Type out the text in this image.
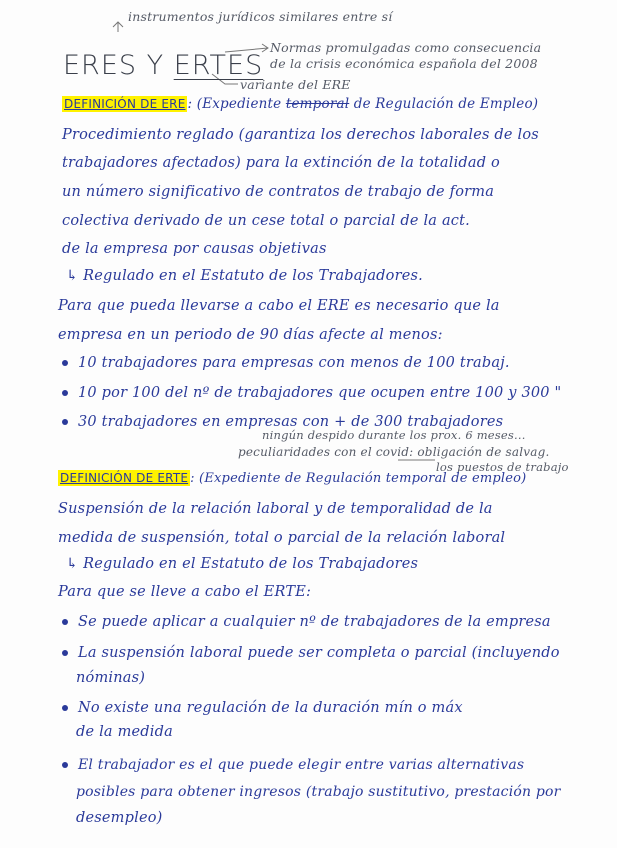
instrumentos jurídicos similares entre sí
ERES Y ERTES
Normas promulgadas como consecuencia
de la crisis económica española del 2008
variante del ERE
DEFINICIÓN DE ERE : (Expediente temporal de Regulación de Empleo)
Procedimiento reglado (garantiza los derechos laborales de los
trabajadores afectados) para la extinción de la totalidad o
un número significativo de contratos de trabajo de forma
colectiva derivado de un cese total o parcial de la act.
de la empresa por causas objetivas
↳ Regulado en el Estatuto de los Trabajadores.
Para que pueda llevarse a cabo el ERE es necesario que la
empresa en un periodo de 90 días afecte al menos:
10 trabajadores para empresas con menos de 100 trabaj.
10 por 100 del nº de trabajadores que ocupen entre 100 y 300 "
30 trabajadores en empresas con + de 300 trabajadores
ningún despido durante los prox. 6 meses...
peculiaridades con el covid: obligación de salvag.
los puestos de trabajo
DEFINICIÓN DE ERTE : (Expediente de Regulación temporal de empleo)
Suspensión de la relación laboral y de temporalidad de la
medida de suspensión, total o parcial de la relación laboral
↳ Regulado en el Estatuto de los Trabajadores
Para que se lleve a cabo el ERTE:
Se puede aplicar a cualquier nº de trabajadores de la empresa
La suspensión laboral puede ser completa o parcial (incluyendo
nóminas)
No existe una regulación de la duración mín o máx
de la medida
El trabajador es el que puede elegir entre varias alternativas
posibles para obtener ingresos (trabajo sustitutivo, prestación por
desempleo)
